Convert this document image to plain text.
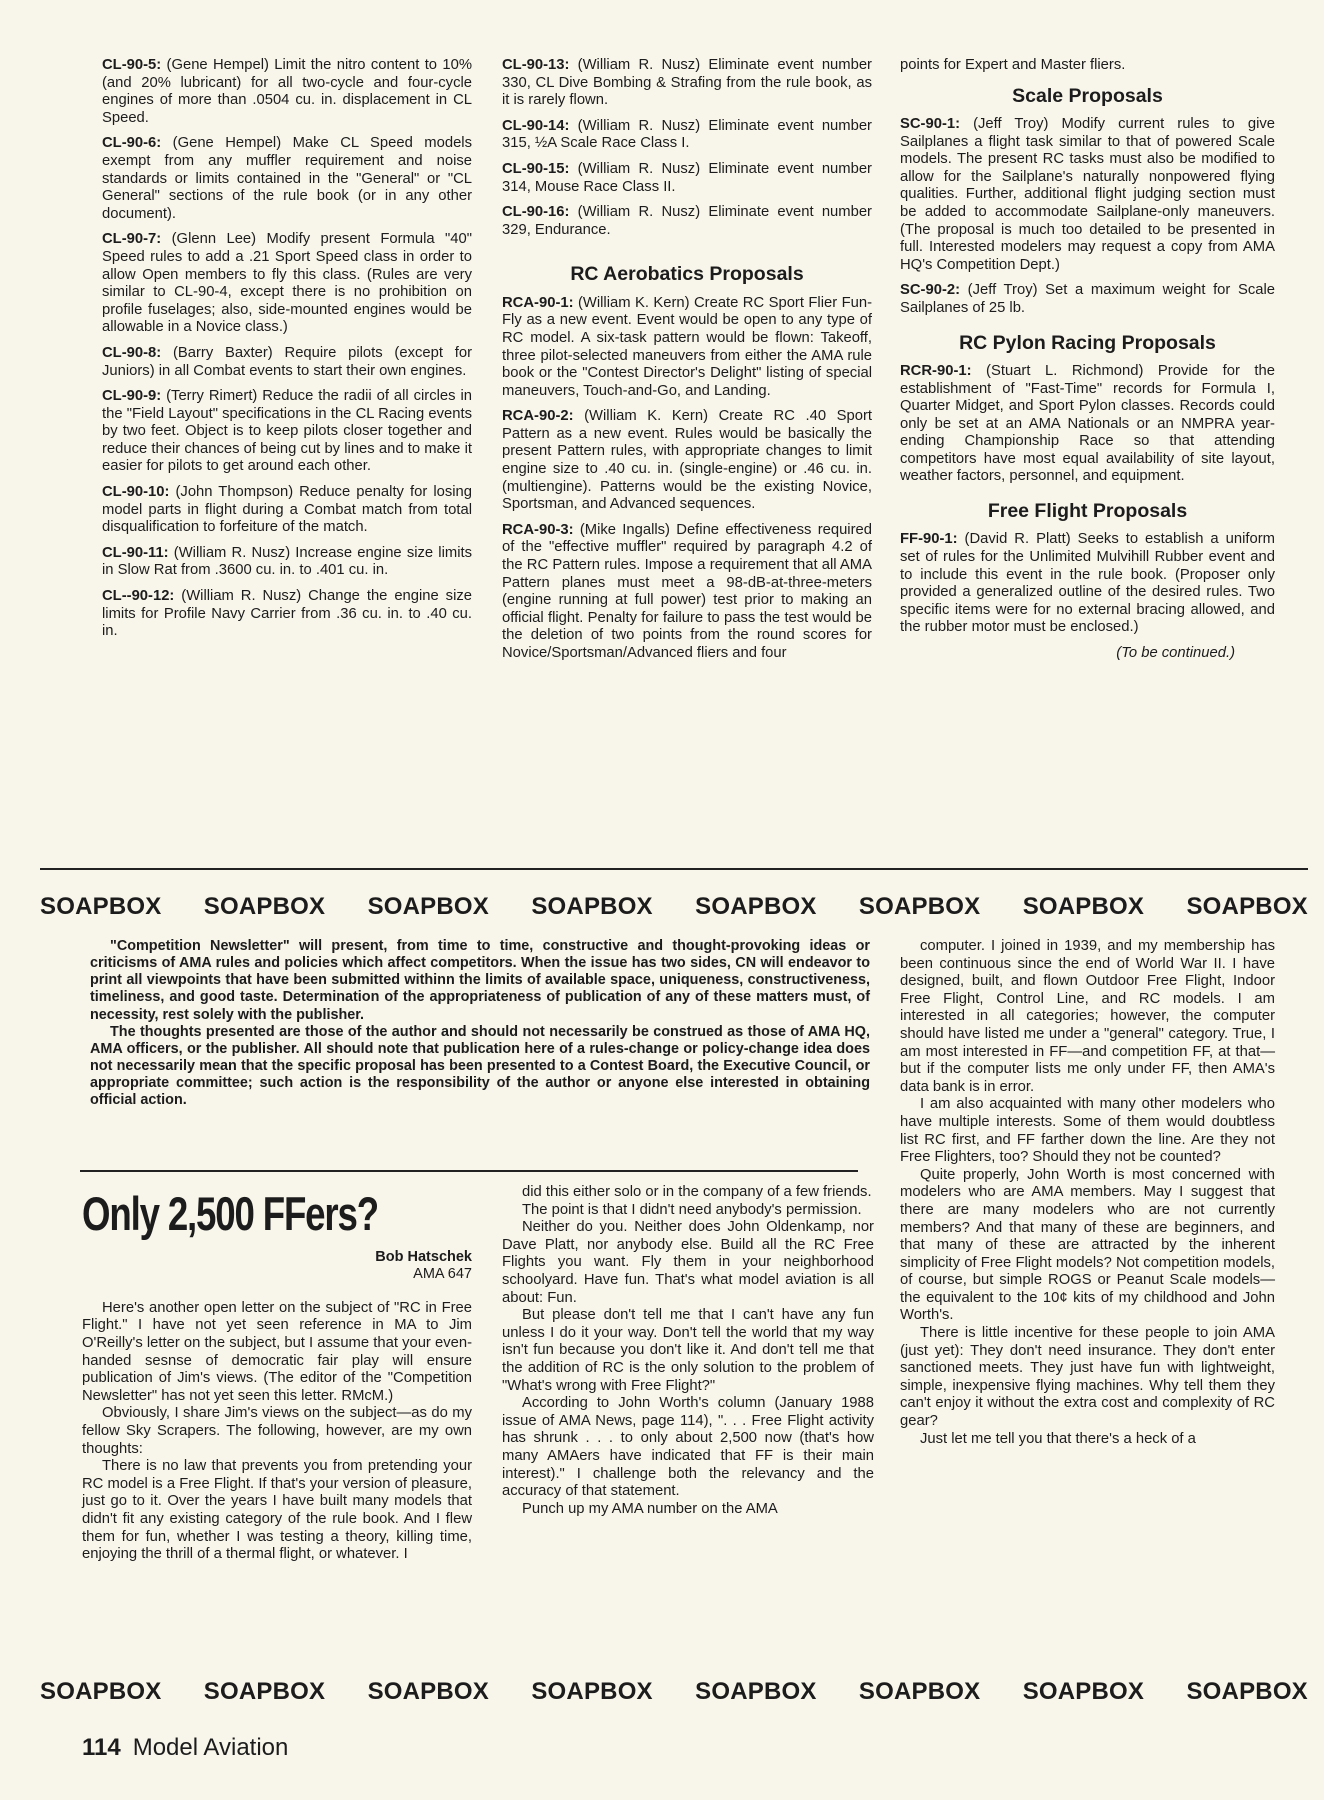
CL-90-5: (Gene Hempel) Limit the nitro content to 10% (and 20% lubricant) for all two-cycle and four-cycle engines of more than .0504 cu. in. displacement in CL Speed.

CL-90-6: (Gene Hempel) Make CL Speed models exempt from any muffler requirement and noise standards or limits contained in the "General" or "CL General" sections of the rule book (or in any other document).

CL-90-7: (Glenn Lee) Modify present Formula "40" Speed rules to add a .21 Sport Speed class in order to allow Open members to fly this class. (Rules are very similar to CL-90-4, except there is no prohibition on profile fuselages; also, side-mounted engines would be allowable in a Novice class.)

CL-90-8: (Barry Baxter) Require pilots (except for Juniors) in all Combat events to start their own engines.

CL-90-9: (Terry Rimert) Reduce the radii of all circles in the "Field Layout" specifications in the CL Racing events by two feet. Object is to keep pilots closer together and reduce their chances of being cut by lines and to make it easier for pilots to get around each other.

CL-90-10: (John Thompson) Reduce penalty for losing model parts in flight during a Combat match from total disqualification to forfeiture of the match.

CL-90-11: (William R. Nusz) Increase engine size limits in Slow Rat from .3600 cu. in. to .401 cu. in.

CL--90-12: (William R. Nusz) Change the engine size limits for Profile Navy Carrier from .36 cu. in. to .40 cu. in.

CL-90-13: (William R. Nusz) Eliminate event number 330, CL Dive Bombing & Strafing from the rule book, as it is rarely flown.

CL-90-14: (William R. Nusz) Eliminate event number 315, ½A Scale Race Class I.

CL-90-15: (William R. Nusz) Eliminate event number 314, Mouse Race Class II.

CL-90-16: (William R. Nusz) Eliminate event number 329, Endurance.

RC Aerobatics Proposals

RCA-90-1: (William K. Kern) Create RC Sport Flier Fun-Fly as a new event. Event would be open to any type of RC model. A six-task pattern would be flown: Takeoff, three pilot-selected maneuvers from either the AMA rule book or the "Contest Director's Delight" listing of special maneuvers, Touch-and-Go, and Landing.

RCA-90-2: (William K. Kern) Create RC .40 Sport Pattern as a new event. Rules would be basically the present Pattern rules, with appropriate changes to limit engine size to .40 cu. in. (single-engine) or .46 cu. in. (multiengine). Patterns would be the existing Novice, Sportsman, and Advanced sequences.

RCA-90-3: (Mike Ingalls) Define effectiveness required of the "effective muffler" required by paragraph 4.2 of the RC Pattern rules. Impose a requirement that all AMA Pattern planes must meet a 98-dB-at-three-meters (engine running at full power) test prior to making an official flight. Penalty for failure to pass the test would be the deletion of two points from the round scores for Novice/Sportsman/Advanced fliers and four

points for Expert and Master fliers.

Scale Proposals

SC-90-1: (Jeff Troy) Modify current rules to give Sailplanes a flight task similar to that of powered Scale models. The present RC tasks must also be modified to allow for the Sailplane's naturally nonpowered flying qualities. Further, additional flight judging section must be added to accommodate Sailplane-only maneuvers. (The proposal is much too detailed to be presented in full. Interested modelers may request a copy from AMA HQ's Competition Dept.)

SC-90-2: (Jeff Troy) Set a maximum weight for Scale Sailplanes of 25 lb.

RC Pylon Racing Proposals

RCR-90-1: (Stuart L. Richmond) Provide for the establishment of "Fast-Time" records for Formula I, Quarter Midget, and Sport Pylon classes. Records could only be set at an AMA Nationals or an NMPRA year-ending Championship Race so that attending competitors have most equal availability of site layout, weather factors, personnel, and equipment.

Free Flight Proposals

FF-90-1: (David R. Platt) Seeks to establish a uniform set of rules for the Unlimited Mulvihill Rubber event and to include this event in the rule book. (Proposer only provided a generalized outline of the desired rules. Two specific items were for no external bracing allowed, and the rubber motor must be enclosed.)

(To be continued.)
SOAPBOX SOAPBOX SOAPBOX SOAPBOX SOAPBOX SOAPBOX SOAPBOX SOAPBOX

"Competition Newsletter" will present, from time to time, constructive and thought-provoking ideas or criticisms of AMA rules and policies which affect competitors. When the issue has two sides, CN will endeavor to print all viewpoints that have been submitted withinn the limits of available space, uniqueness, constructiveness, timeliness, and good taste. Determination of the appropriateness of publication of any of these matters must, of necessity, rest solely with the publisher.

The thoughts presented are those of the author and should not necessarily be construed as those of AMA HQ, AMA officers, or the publisher. All should note that publication here of a rules-change or policy-change idea does not necessarily mean that the specific proposal has been presented to a Contest Board, the Executive Council, or appropriate committee; such action is the responsibility of the author or anyone else interested in obtaining official action.

Only 2,500 FFers?
Bob Hatschek
AMA 647

Here's another open letter on the subject of "RC in Free Flight." I have not yet seen reference in MA to Jim O'Reilly's letter on the subject, but I assume that your even-handed sesnse of democratic fair play will ensure publication of Jim's views. (The editor of the "Competition Newsletter" has not yet seen this letter. RMcM.)

Obviously, I share Jim's views on the subject—as do my fellow Sky Scrapers. The following, however, are my own thoughts:

There is no law that prevents you from pretending your RC model is a Free Flight. If that's your version of pleasure, just go to it. Over the years I have built many models that didn't fit any existing category of the rule book. And I flew them for fun, whether I was testing a theory, killing time, enjoying the thrill of a thermal flight, or whatever. I

did this either solo or in the company of a few friends.

The point is that I didn't need anybody's permission.

Neither do you. Neither does John Oldenkamp, nor Dave Platt, nor anybody else. Build all the RC Free Flights you want. Fly them in your neighborhood schoolyard. Have fun. That's what model aviation is all about: Fun.

But please don't tell me that I can't have any fun unless I do it your way. Don't tell the world that my way isn't fun because you don't like it. And don't tell me that the addition of RC is the only solution to the problem of "What's wrong with Free Flight?"

According to John Worth's column (January 1988 issue of AMA News, page 114), ". . . Free Flight activity has shrunk . . . to only about 2,500 now (that's how many AMAers have indicated that FF is their main interest)." I challenge both the relevancy and the accuracy of that statement.

Punch up my AMA number on the AMA

computer. I joined in 1939, and my membership has been continuous since the end of World War II. I have designed, built, and flown Outdoor Free Flight, Indoor Free Flight, Control Line, and RC models. I am interested in all categories; however, the computer should have listed me under a "general" category. True, I am most interested in FF—and competition FF, at that—but if the computer lists me only under FF, then AMA's data bank is in error.

I am also acquainted with many other modelers who have multiple interests. Some of them would doubtless list RC first, and FF farther down the line. Are they not Free Flighters, too? Should they not be counted?

Quite properly, John Worth is most concerned with modelers who are AMA members. May I suggest that there are many modelers who are not currently members? And that many of these are beginners, and that many of these are attracted by the inherent simplicity of Free Flight models? Not competition models, of course, but simple ROGS or Peanut Scale models—the equivalent to the 10¢ kits of my childhood and John Worth's.

There is little incentive for these people to join AMA (just yet): They don't need insurance. They don't enter sanctioned meets. They just have fun with lightweight, simple, inexpensive flying machines. Why tell them they can't enjoy it without the extra cost and complexity of RC gear?

Just let me tell you that there's a heck of a

SOAPBOX SOAPBOX SOAPBOX SOAPBOX SOAPBOX SOAPBOX SOAPBOX SOAPBOX
114 Model Aviation
